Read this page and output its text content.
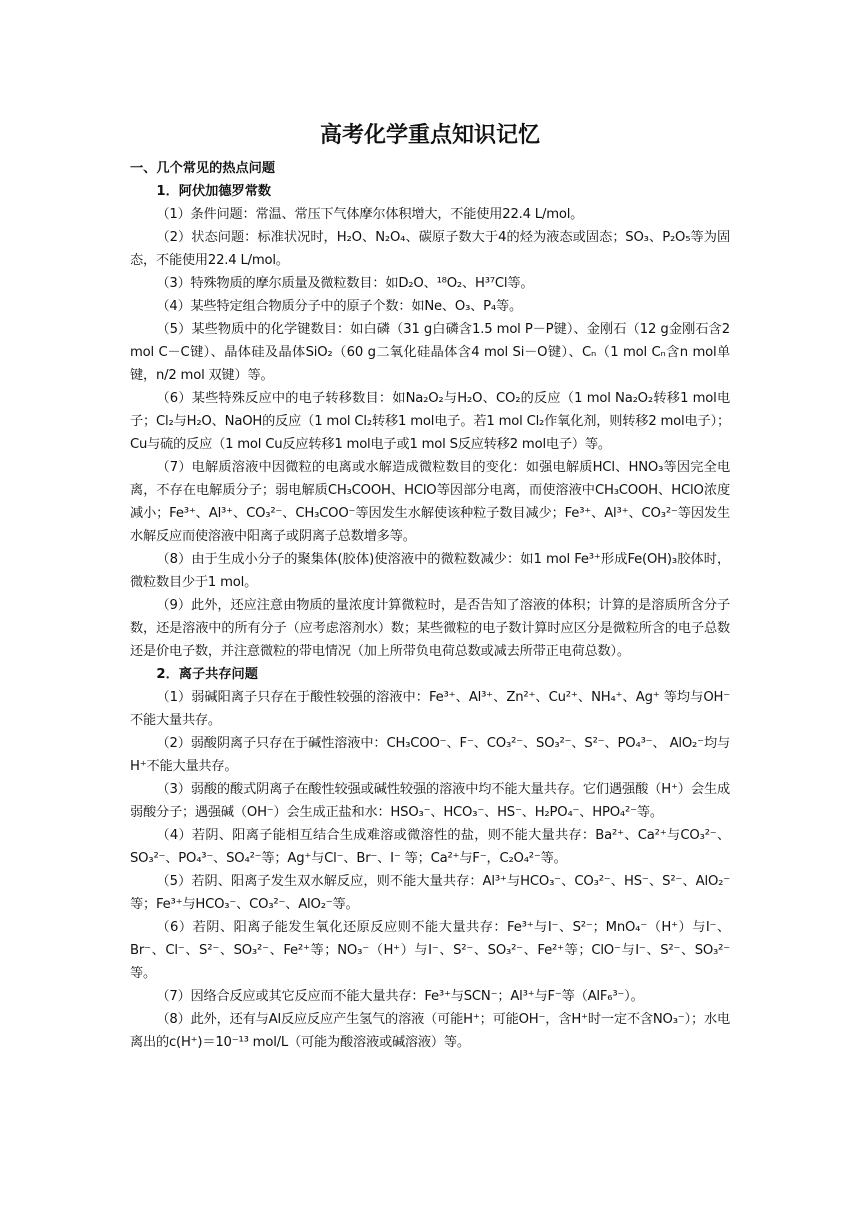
高考化学重点知识记忆
一、几个常见的热点问题
1．阿伏加德罗常数

（1）条件问题：常温、常压下气体摩尔体积增大，不能使用22.4 L/mol。

（2）状态问题：标准状况时，H₂O、N₂O₄、碳原子数大于4的烃为液态或固态；SO₃、P₂O₅等为固态，不能使用22.4 L/mol。

（3）特殊物质的摩尔质量及微粒数目：如D₂O、¹⁸O₂、H³⁷Cl等。

（4）某些特定组合物质分子中的原子个数：如Ne、O₃、P₄等。

（5）某些物质中的化学键数目：如白磷（31 g白磷含1.5 mol P－P键）、金刚石（12 g金刚石含2 mol C－C键）、晶体硅及晶体SiO₂（60 g二氧化硅晶体含4 mol Si－O键）、Cₙ（1 mol Cₙ含n mol单键，n/2 mol 双键）等。

（6）某些特殊反应中的电子转移数目：如Na₂O₂与H₂O、CO₂的反应（1 mol Na₂O₂转移1 mol电子；Cl₂与H₂O、NaOH的反应（1 mol Cl₂转移1 mol电子。若1 mol Cl₂作氧化剂，则转移2 mol电子）；Cu与硫的反应（1 mol Cu反应转移1 mol电子或1 mol S反应转移2 mol电子）等。

（7）电解质溶液中因微粒的电离或水解造成微粒数目的变化：如强电解质HCl、HNO₃等因完全电离，不存在电解质分子；弱电解质CH₃COOH、HClO等因部分电离，而使溶液中CH₃COOH、HClO浓度减小；Fe³⁺、Al³⁺、CO₃²⁻、CH₃COO⁻等因发生水解使该种粒子数目减少；Fe³⁺、Al³⁺、CO₃²⁻等因发生水解反应而使溶液中阳离子或阴离子总数增多等。

（8）由于生成小分子的聚集体(胶体)使溶液中的微粒数减少：如1 mol Fe³⁺形成Fe(OH)₃胶体时，微粒数目少于1 mol。

（9）此外，还应注意由物质的量浓度计算微粒时，是否告知了溶液的体积；计算的是溶质所含分子数，还是溶液中的所有分子（应考虑溶剂水）数；某些微粒的电子数计算时应区分是微粒所含的电子总数还是价电子数，并注意微粒的带电情况（加上所带负电荷总数或减去所带正电荷总数）。

2．离子共存问题

（1）弱碱阳离子只存在于酸性较强的溶液中：Fe³⁺、Al³⁺、Zn²⁺、Cu²⁺、NH₄⁺、Ag⁺ 等均与OH⁻不能大量共存。

（2）弱酸阴离子只存在于碱性溶液中：CH₃COO⁻、F⁻、CO₃²⁻、SO₃²⁻、S²⁻、PO₄³⁻、 AlO₂⁻均与H⁺不能大量共存。

（3）弱酸的酸式阴离子在酸性较强或碱性较强的溶液中均不能大量共存。它们遇强酸（H⁺）会生成弱酸分子；遇强碱（OH⁻）会生成正盐和水：HSO₃⁻、HCO₃⁻、HS⁻、H₂PO₄⁻、HPO₄²⁻等。

（4）若阴、阳离子能相互结合生成难溶或微溶性的盐，则不能大量共存：Ba²⁺、Ca²⁺与CO₃²⁻、SO₃²⁻、PO₄³⁻、SO₄²⁻等；Ag⁺与Cl⁻、Br⁻、I⁻ 等；Ca²⁺与F⁻，C₂O₄²⁻等。

（5）若阴、阳离子发生双水解反应，则不能大量共存：Al³⁺与HCO₃⁻、CO₃²⁻、HS⁻、S²⁻、AlO₂⁻等；Fe³⁺与HCO₃⁻、CO₃²⁻、AlO₂⁻等。

（6）若阴、阳离子能发生氧化还原反应则不能大量共存：Fe³⁺与I⁻、S²⁻；MnO₄⁻（H⁺）与I⁻、Br⁻、Cl⁻、S²⁻、SO₃²⁻、Fe²⁺等；NO₃⁻（H⁺）与I⁻、S²⁻、SO₃²⁻、Fe²⁺等；ClO⁻与I⁻、S²⁻、SO₃²⁻等。

（7）因络合反应或其它反应而不能大量共存：Fe³⁺与SCN⁻；Al³⁺与F⁻等（AlF₆³⁻）。

（8）此外，还有与Al反应反应产生氢气的溶液（可能H⁺；可能OH⁻，含H⁺时一定不含NO₃⁻）；水电离出的c(H⁺)＝10⁻¹³ mol/L（可能为酸溶液或碱溶液）等。
